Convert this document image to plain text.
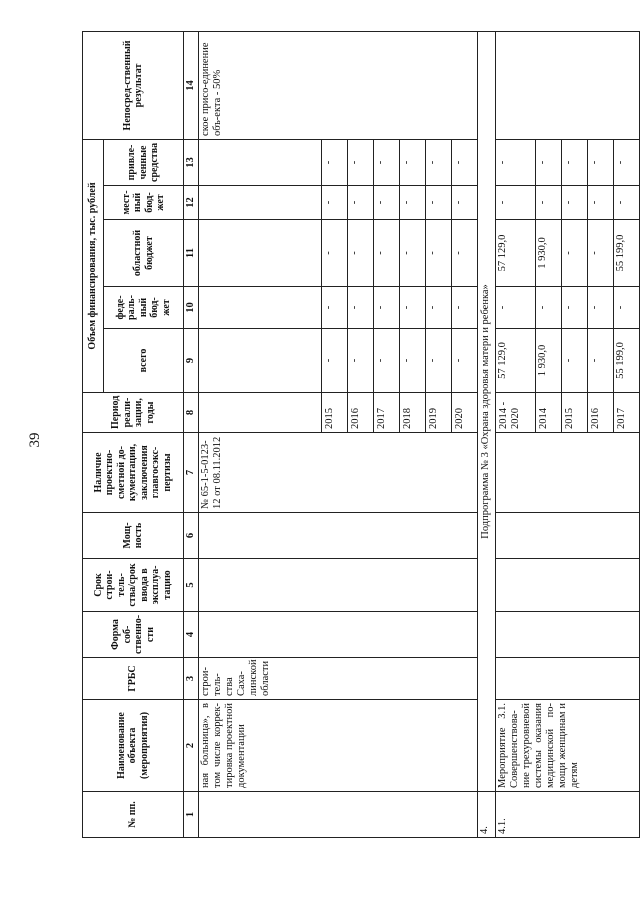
39
№ пп.	Наименование объекта (мероприятия)	ГРБС	Форма соб-ственно-сти	Срок строи-тель-ства/срок ввода в эксплуа-тацию	Мощ-ность	Наличие проектно-сметной до-кументации, заключения главгосэкс-пертизы	Период реали-зации, годы	Объем финансирования, тыс. рублей					Непосред-ственный результат
								всего	феде-раль-ный бюд-жет	областной бюджет	мест-ный бюд-жет	привле-ченные средства	
1	2	3	4	5	6	7	8	9	10	11	12	13	14
	ная больница», в том числе коррек-тировка проектной документации	строи-тель-ства Саха-линской области				№ 65-1-5-0123-12 от 08.11.2012							ское присо-единение объ-екта - 50%
							2015	-	-	-	-	-	
							2016	-	-	-	-	-	
							2017	-	-	-	-	-	
							2018	-	-	-	-	-	
							2019	-	-	-	-	-	
							2020	-	-	-	-	-	
4.	Подпрограмма № 3 «Охрана здоровья матери и ребенка»												
4.1.	Мероприятие 3.1. Совершенствова-ние трехуровневой системы оказания медицинской по-мощи женщинам и детям						2014 - 2020	57 129,0	-	57 129,0	-	-	
							2014	1 930,0	-	1 930,0	-	-	
							2015	-	-	-	-	-	
							2016	-	-	-	-	-	
							2017	55 199,0	-	55 199,0	-	-	
